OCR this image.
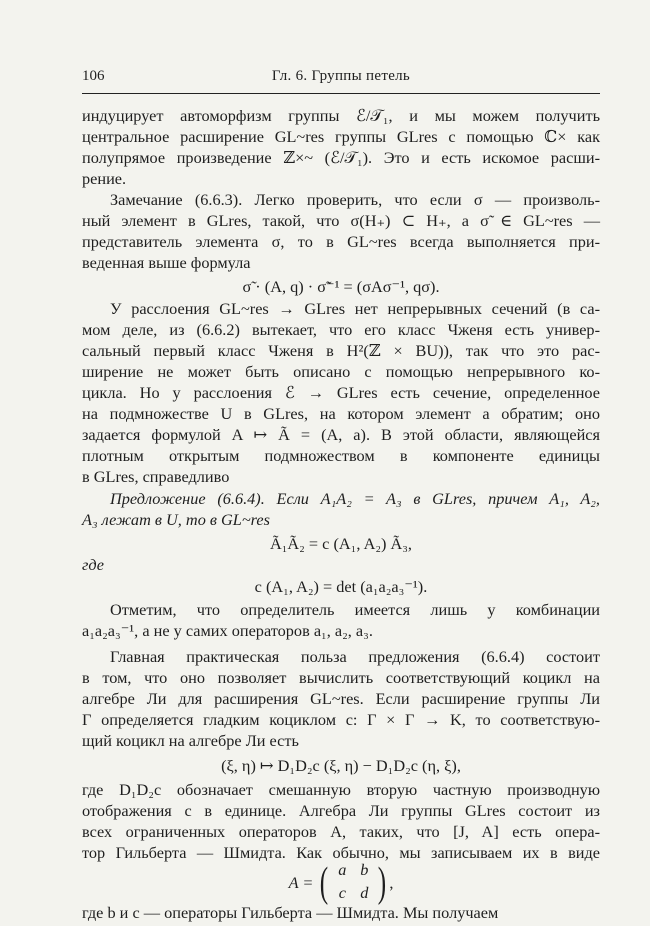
106	Гл. 6. Группы петель
индуцирует автоморфизм группы ℰ/𝒯₁, и мы можем получить
центральное расширение GL~res группы GLres с помощью ℂ× как
полупрямое произведение ℤ×~ (ℰ/𝒯₁). Это и есть искомое расши-
рение.
Замечание (6.6.3). Легко проверить, что если σ — произволь-
ный элемент в GLres, такой, что σ(H₊) ⊂ H₊, а σ̃ ∈ GL~res —
представитель элемента σ, то в GL~res всегда выполняется при-
веденная выше формула
σ̃ · (A, q) · σ̃⁻¹ = (σAσ⁻¹, qσ).
У расслоения GL~res → GLres нет непрерывных сечений (в са-
мом деле, из (6.6.2) вытекает, что его класс Чженя есть универ-
сальный первый класс Чженя в H²(ℤ × BU)), так что это рас-
ширение не может быть описано с помощью непрерывного ко-
цикла. Но у расслоения ℰ → GLres есть сечение, определенное
на подмножестве U в GLres, на котором элемент a обратим; оно
задается формулой A ↦ Ã = (A, a). В этой области, являющейся
плотным открытым подмножеством в компоненте единицы
в GLres, справедливо
Предложение (6.6.4). Если A₁A₂ = A₃ в GLres, причем A₁, A₂,
A₃ лежат в U, то в GL~res
Ã₁Ã₂ = c (A₁, A₂) Ã₃,
где
c (A₁, A₂) = det (a₁a₂a₃⁻¹).
Отметим, что определитель имеется лишь у комбинации
a₁a₂a₃⁻¹, а не у самих операторов a₁, a₂, a₃.
Главная практическая польза предложения (6.6.4) состоит
в том, что оно позволяет вычислить соответствующий коцикл на
алгебре Ли для расширения GL~res. Если расширение группы Ли
Γ определяется гладким коциклом c: Γ × Γ → K, то соответствую-
щий коцикл на алгебре Ли есть
(ξ, η) ↦ D₁D₂c (ξ, η) − D₁D₂c (η, ξ),
где D₁D₂c обозначает смешанную вторую частную производную
отображения c в единице. Алгебра Ли группы GLres состоит из
всех ограниченных операторов A, таких, что [J, A] есть опера-
тор Гильберта — Шмидта. Как обычно, мы записываем их в виде
A = ( a b
c d ) ,
где b и c — операторы Гильберта — Шмидта. Мы получаем
